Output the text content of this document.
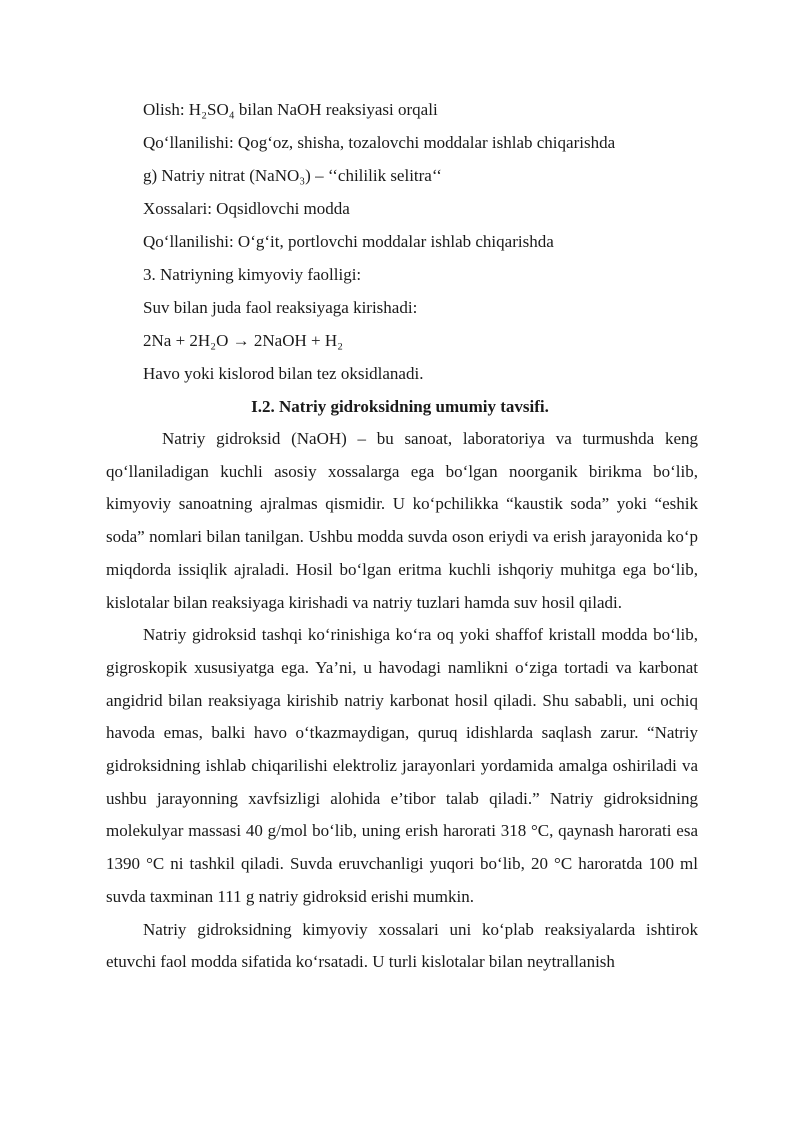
Olish: H₂SO₄ bilan NaOH reaksiyasi orqali
Qo‘llanilishi: Qog‘oz, shisha, tozalovchi moddalar ishlab chiqarishda
g) Natriy nitrat (NaNO₃) – ‘‘chililik selitra‘‘
Xossalari: Oqsidlovchi modda
Qo‘llanilishi: O‘g‘it, portlovchi moddalar ishlab chiqarishda
3. Natriyning kimyoviy faolligi:
Suv bilan juda faol reaksiyaga kirishadi:
2Na + 2H₂O → 2NaOH + H₂
Havo yoki kislorod bilan tez oksidlanadi.
I.2. Natriy gidroksidning umumiy tavsifi.

Natriy gidroksid (NaOH) – bu sanoat, laboratoriya va turmushda keng qo‘llaniladigan kuchli asosiy xossalarga ega bo‘lgan noorganik birikma bo‘lib, kimyoviy sanoatning ajralmas qismidir. U ko‘pchilikka “kaustik soda” yoki “eshik soda” nomlari bilan tanilgan. Ushbu modda suvda oson eriydi va erish jarayonida ko‘p miqdorda issiqlik ajraladi. Hosil bo‘lgan eritma kuchli ishqoriy muhitga ega bo‘lib, kislotalar bilan reaksiyaga kirishadi va natriy tuzlari hamda suv hosil qiladi.

Natriy gidroksid tashqi ko‘rinishiga ko‘ra oq yoki shaffof kristall modda bo‘lib, gigroskopik xususiyatga ega. Ya’ni, u havodagi namlikni o‘ziga tortadi va karbonat angidrid bilan reaksiyaga kirishib natriy karbonat hosil qiladi. Shu sababli, uni ochiq havoda emas, balki havo o‘tkazmaydigan, quruq idishlarda saqlash zarur. “Natriy gidroksidning ishlab chiqarilishi elektroliz jarayonlari yordamida amalga oshiriladi va ushbu jarayonning xavfsizligi alohida e’tibor talab qiladi.” Natriy gidroksidning molekulyar massasi 40 g/mol bo‘lib, uning erish harorati 318 °C, qaynash harorati esa 1390 °C ni tashkil qiladi. Suvda eruvchanligi yuqori bo‘lib, 20 °C haroratda 100 ml suvda taxminan 111 g natriy gidroksid erishi mumkin.

Natriy gidroksidning kimyoviy xossalari uni ko‘plab reaksiyalarda ishtirok etuvchi faol modda sifatida ko‘rsatadi. U turli kislotalar bilan neytrallanish
